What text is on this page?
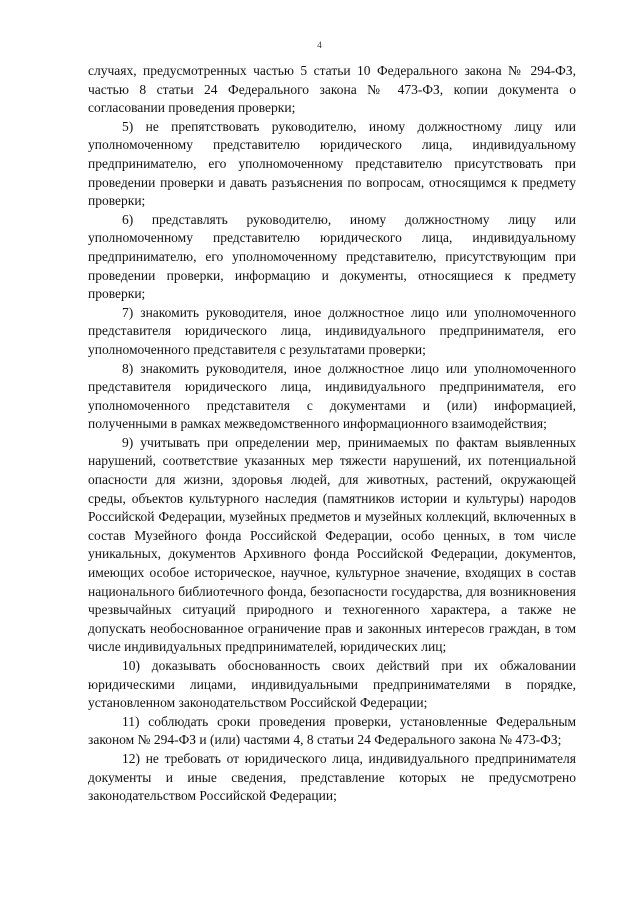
4

случаях, предусмотренных частью 5 статьи 10 Федерального закона № 294-ФЗ, частью 8 статьи 24 Федерального закона № 473-ФЗ, копии документа о согласовании проведения проверки;

5) не препятствовать руководителю, иному должностному лицу или уполномоченному представителю юридического лица, индивидуальному предпринимателю, его уполномоченному представителю присутствовать при проведении проверки и давать разъяснения по вопросам, относящимся к предмету проверки;

6) представлять руководителю, иному должностному лицу или уполномоченному представителю юридического лица, индивидуальному предпринимателю, его уполномоченному представителю, присутствующим при проведении проверки, информацию и документы, относящиеся к предмету проверки;

7) знакомить руководителя, иное должностное лицо или уполномоченного представителя юридического лица, индивидуального предпринимателя, его уполномоченного представителя с результатами проверки;

8) знакомить руководителя, иное должностное лицо или уполномоченного представителя юридического лица, индивидуального предпринимателя, его уполномоченного представителя с документами и (или) информацией, полученными в рамках межведомственного информационного взаимодействия;

9) учитывать при определении мер, принимаемых по фактам выявленных нарушений, соответствие указанных мер тяжести нарушений, их потенциальной опасности для жизни, здоровья людей, для животных, растений, окружающей среды, объектов культурного наследия (памятников истории и культуры) народов Российской Федерации, музейных предметов и музейных коллекций, включенных в состав Музейного фонда Российской Федерации, особо ценных, в том числе уникальных, документов Архивного фонда Российской Федерации, документов, имеющих особое историческое, научное, культурное значение, входящих в состав национального библиотечного фонда, безопасности государства, для возникновения чрезвычайных ситуаций природного и техногенного характера, а также не допускать необоснованное ограничение прав и законных интересов граждан, в том числе индивидуальных предпринимателей, юридических лиц;

10) доказывать обоснованность своих действий при их обжаловании юридическими лицами, индивидуальными предпринимателями в порядке, установленном законодательством Российской Федерации;

11) соблюдать сроки проведения проверки, установленные Федеральным законом № 294-ФЗ и (или) частями 4, 8 статьи 24 Федерального закона № 473-ФЗ;

12) не требовать от юридического лица, индивидуального предпринимателя документы и иные сведения, представление которых не предусмотрено законодательством Российской Федерации;
